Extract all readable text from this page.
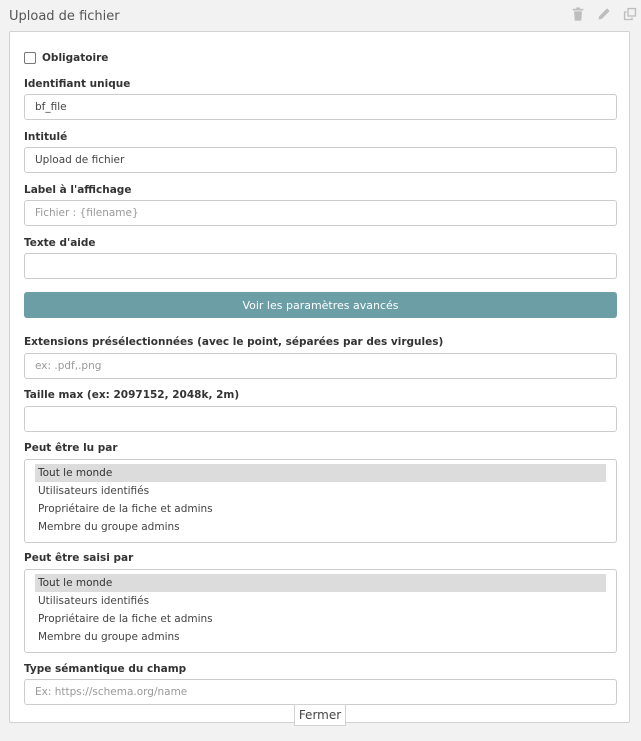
Upload de fichier
Obligatoire
Identifiant unique
bf_file
Intitulé
Upload de fichier
Label à l'affichage
Fichier : {filename}
Texte d'aide
Voir les paramètres avancés
Extensions présélectionnées (avec le point, séparées par des virgules)
ex: .pdf,.png
Taille max (ex: 2097152, 2048k, 2m)
Peut être lu par
Tout le monde
Utilisateurs identifiés
Propriétaire de la fiche et admins
Membre du groupe admins
Peut être saisi par
Tout le monde
Utilisateurs identifiés
Propriétaire de la fiche et admins
Membre du groupe admins
Type sémantique du champ
Ex: https://schema.org/name
Fermer
